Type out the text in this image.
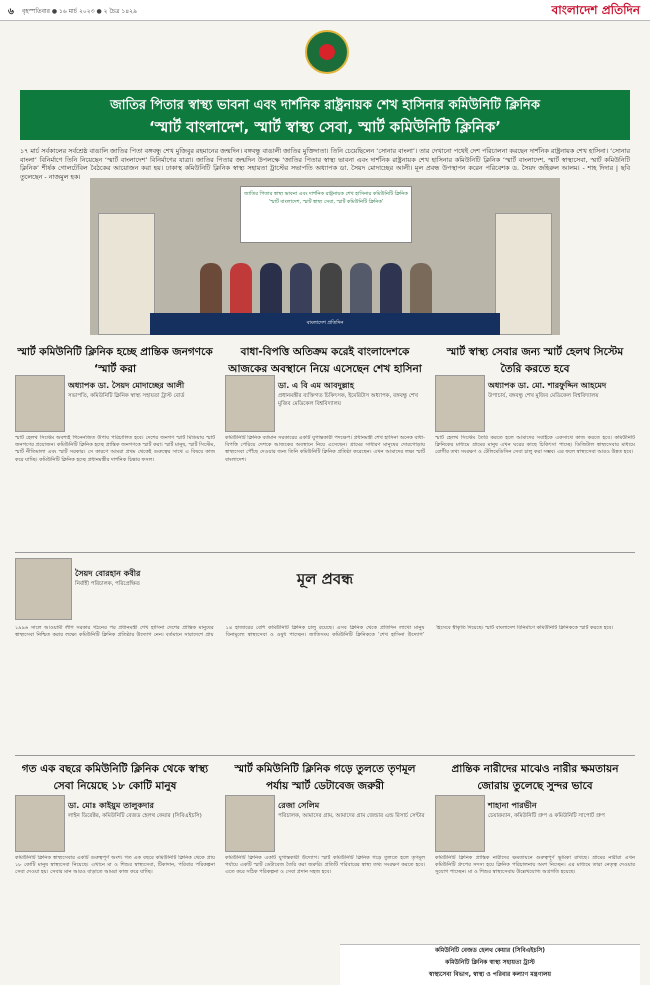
৬ বৃহস্পতিবার ● ১৬ মার্চ ২০২৩ ● ২ চৈত্র ১৪২৯	বাংলাদেশ প্রতিদিন
জাতির পিতার স্বাস্থ্য ভাবনা এবং দার্শনিক রাষ্ট্রনায়ক শেখ হাসিনার কমিউনিটি ক্লিনিক
‘স্মার্ট বাংলাদেশ, স্মার্ট স্বাস্থ্য সেবা, স্মার্ট কমিউনিটি ক্লিনিক’
১৭ মার্চ সর্বকালের সর্বশ্রেষ্ঠ বাঙালি জাতির পিতা বঙ্গবন্ধু শেখ মুজিবুর রহমানের জন্মদিন। বঙ্গবন্ধু বাঙালী জাতির মুক্তিদাতা। তিনি চেয়েছিলেন ‘সোনার বাংলা’। তার দেখানো পথেই দেশ পরিচালনা করছেন দার্শনিক রাষ্ট্রনায়ক শেখ হাসিনা। ‘সোনার বাংলা’ বিনির্মাণে তিনি নিয়েছেন ‘স্মার্ট বাংলাদেশ’ বিনির্মাণের যাত্রা। জাতির পিতার জন্মদিন উপলক্ষে ‘জাতির পিতার স্বাস্থ্য ভাবনা এবং দার্শনিক রাষ্ট্রনায়ক শেখ হাসিনার কমিউনিটি ক্লিনিক ‘স্মার্ট বাংলাদেশ, স্মার্ট স্বাস্থ্যসেবা, স্মার্ট কমিউনিটি ক্লিনিক’ শীর্ষক গোলটেবিল বৈঠকের আয়োজন করা হয়। ঢাকাস্থ কমিউনিটি ক্লিনিক স্বাস্থ্য সহায়তা ট্রাস্টের সভাপতি অধ্যাপক ডা. সৈয়দ মোদাচ্ছের আলী। মূল প্রবন্ধ উপস্থাপন করেন পরিবেশক ড. সৈয়দ জহিরুল আলম। - শাহ দিদার | ছবি তুলেছেন - নাজমুল হক।
জাতির পিতার স্বাস্থ্য ভাবনা এবং দার্শনিক রাষ্ট্রনায়ক শেখ হাসিনার কমিউনিটি ক্লিনিক ‘স্মার্ট বাংলাদেশ, স্মার্ট স্বাস্থ্য সেবা, স্মার্ট কমিউনিটি ক্লিনিক’
বাংলাদেশ প্রতিদিন
স্মার্ট কমিউনিটি ক্লিনিক হচ্ছে প্রান্তিক জনগণকে ‘স্মার্ট করা
বাধা-বিপত্তি অতিক্রম করেই বাংলাদেশকে আজকের অবস্থানে নিয়ে এসেছেন শেখ হাসিনা
স্মার্ট স্বাস্থ্য সেবার জন্য স্মার্ট হেলথ সিস্টেম তৈরি করতে হবে
অধ্যাপক ডা. সৈয়দ মোদাচ্ছের আলী
সভাপতি, কমিউনিটি ক্লিনিক স্বাস্থ্য সহায়তা ট্রাস্ট বোর্ড
স্মার্ট হেলথ সিস্টেম অবশ্যই গিনেনজিত উপায় পরিচালিত হবে। দেশের জনগণ স্মার্ট মিডিয়ায় স্মার্ট জনগণের প্রয়োজন। কমিউনিটি ক্লিনিক হচ্ছে প্রান্তিক জনগণকে স্মার্ট করা। স্মার্ট মানুষ, স্মার্ট সিস্টেম, স্মার্ট নীতিমালা এবং স্মার্ট সরকার। সে কারণে আমরা প্রথম থেকেই গুরুত্বের সাথে এ বিষয়ে কাজ করে যাচ্ছি। কমিউনিটি ক্লিনিক হচ্ছে প্রধানমন্ত্রীর দার্শনিক চিন্তার ফসল।
ডা. এ বি এম আবদুল্লাহ
প্রধানমন্ত্রীর ব্যক্তিগত চিকিৎসক, ইমেরিটাস অধ্যাপক, বঙ্গবন্ধু শেখ মুজিব মেডিকেল বিশ্ববিদ্যালয়
কমিউনিটি ক্লিনিক বর্তমান সরকারের একটি যুগান্তকারী পদক্ষেপ। প্রধানমন্ত্রী শেখ হাসিনা অনেক বাধা-বিপত্তি পেরিয়ে দেশকে আজকের অবস্থানে নিয়ে এসেছেন। গ্রামের সাধারণ মানুষের দোরগোড়ায় স্বাস্থ্যসেবা পৌঁছে দেওয়ার জন্য তিনি কমিউনিটি ক্লিনিক প্রতিষ্ঠা করেছেন। এখন আমাদের লক্ষ্য স্মার্ট বাংলাদেশ।
অধ্যাপক ডা. মো. শারফুদ্দিন আহমেদ
উপাচার্য, বঙ্গবন্ধু শেখ মুজিব মেডিকেল বিশ্ববিদ্যালয়
স্মার্ট হেলথ সিস্টেম তৈরি করতে হলে আমাদের সবাইকে একসাথে কাজ করতে হবে। কমিউনিটি ক্লিনিকের মাধ্যমে গ্রামের মানুষ এখন ঘরের কাছে চিকিৎসা পাচ্ছে। ডিজিটাল স্বাস্থ্যসেবার মাধ্যমে রোগীর তথ্য সংরক্ষণ ও টেলিমেডিসিন সেবা চালু করা সম্ভব। এর ফলে স্বাস্থ্যসেবা আরও উন্নত হবে।
সৈয়দ বোরহান কবীর
নির্বাহী পরিচালক, পরিপ্রেক্ষিত	মূল প্রবন্ধ
১৯৯৬ সালে আওয়ামী লীগ সরকার গঠনের পর প্রধানমন্ত্রী শেখ হাসিনা দেশের প্রান্তিক মানুষের স্বাস্থ্যসেবা নিশ্চিত করার লক্ষ্যে কমিউনিটি ক্লিনিক প্রতিষ্ঠার উদ্যোগ নেন। বর্তমানে সারাদেশে প্রায় ১৪ হাজারের বেশি কমিউনিটি ক্লিনিক চালু রয়েছে। এসব ক্লিনিক থেকে প্রতিদিন লাখো মানুষ বিনামূল্যে স্বাস্থ্যসেবা ও ওষুধ পাচ্ছেন। জাতিসংঘ কমিউনিটি ক্লিনিককে ‘শেখ হাসিনা উদ্যোগ’ হিসেবে স্বীকৃতি দিয়েছে। স্মার্ট বাংলাদেশ বিনির্মাণে কমিউনিটি ক্লিনিককে স্মার্ট করতে হবে।
গত এক বছরে কমিউনিটি ক্লিনিক থেকে স্বাস্থ্য সেবা নিয়েছে ১৮ কোটি মানুষ
স্মার্ট কমিউনিটি ক্লিনিক গড়ে তুলতে তৃণমূল পর্যায় স্মার্ট ডেটাবেজ জরুরী
প্রান্তিক নারীদের মাঝেও নারীর ক্ষমতায়ন জোরায় তুলেছে সুন্দর ভাবে
ডা. মোঃ কাইয়ুম তালুকদার
লাইন ডিরেক্টর, কমিউনিটি বেজড হেলথ কেয়ার (সিবিএইচসি)
কমিউনিটি ক্লিনিক স্বাস্থ্যসেবার একটি গুরুত্বপূর্ণ অংশ। গত এক বছরে কমিউনিটি ক্লিনিক থেকে প্রায় ১৮ কোটি মানুষ স্বাস্থ্যসেবা নিয়েছে। এখানে মা ও শিশুর স্বাস্থ্যসেবা, টিকাদান, পরিবার পরিকল্পনা সেবা দেওয়া হয়। সেবার মান আরও বাড়াতে আমরা কাজ করে যাচ্ছি।
রেজা সেলিম
পরিচালক, আমাদের গ্রাম, আমাদের গ্রাম জেন্ডার এন্ড রিসার্চ সেন্টার
কমিউনিটি ক্লিনিক একটি যুগান্তকারী উদ্যোগ। স্মার্ট কমিউনিটি ক্লিনিক গড়ে তুলতে হলে তৃণমূল পর্যায়ে একটি স্মার্ট ডেটাবেজ তৈরি করা জরুরি। প্রতিটি পরিবারের স্বাস্থ্য তথ্য সংরক্ষণ করতে হবে। এতে করে সঠিক পরিকল্পনা ও সেবা প্রদান সহজ হবে।
শাহানা পারভীন
চেয়ারম্যান, কমিউনিটি গ্রুপ ও কমিউনিটি সাপোর্ট গ্রুপ
কমিউনিটি ক্লিনিক প্রান্তিক নারীদের ক্ষমতায়নে গুরুত্বপূর্ণ ভূমিকা রাখছে। গ্রামের নারীরা এখন কমিউনিটি গ্রুপের সদস্য হয়ে ক্লিনিক পরিচালনায় অংশ নিচ্ছেন। এর মাধ্যমে তারা নেতৃত্ব দেওয়ার সুযোগ পাচ্ছেন। মা ও শিশুর স্বাস্থ্যসেবায় উল্লেখযোগ্য অগ্রগতি হয়েছে।
কমিউনিটি বেজড হেলথ কেয়ার (সিবিএইচসি)
কমিউনিটি ক্লিনিক স্বাস্থ্য সহায়তা ট্রাস্ট
স্বাস্থ্যসেবা বিভাগ, স্বাস্থ্য ও পরিবার কল্যাণ মন্ত্রণালয়
